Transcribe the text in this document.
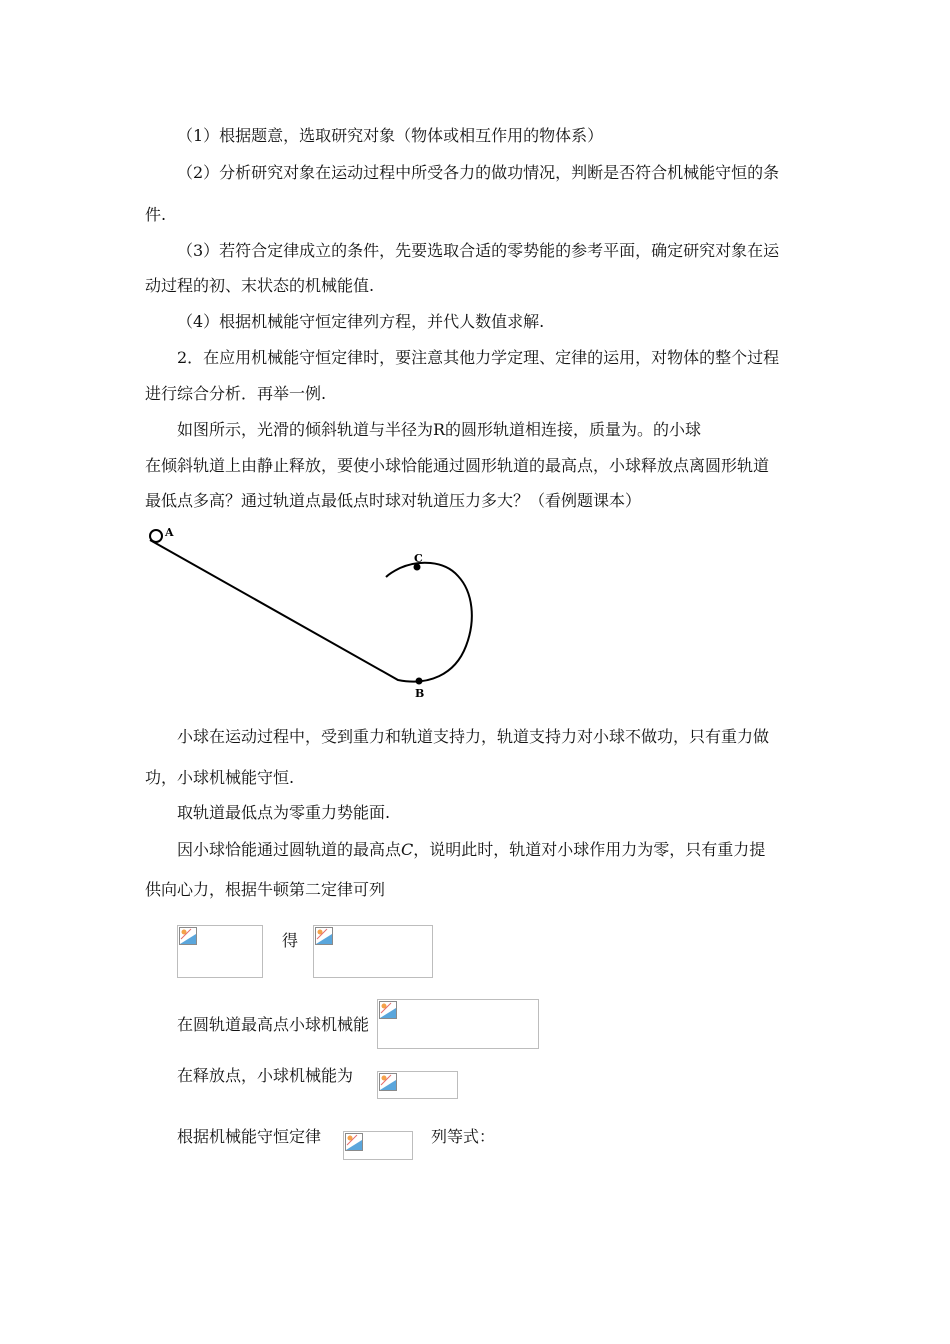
（1）根据题意，选取研究对象（物体或相互作用的物体系）
（2）分析研究对象在运动过程中所受各力的做功情况，判断是否符合机械能守恒的条
件.
（3）若符合定律成立的条件，先要选取合适的零势能的参考平面，确定研究对象在运
动过程的初、末状态的机械能值.
（4）根据机械能守恒定律列方程，并代人数值求解.
2．在应用机械能守恒定律时，要注意其他力学定理、定律的运用，对物体的整个过程
进行综合分析．再举一例.
如图所示，光滑的倾斜轨道与半径为R的圆形轨道相连接，质量为。的小球
在倾斜轨道上由静止释放，要使小球恰能通过圆形轨道的最高点，小球释放点离圆形轨道
最低点多高？通过轨道点最低点时球对轨道压力多大？（看例题课本）
A
B
C
小球在运动过程中，受到重力和轨道支持力，轨道支持力对小球不做功，只有重力做
功，小球机械能守恒.
取轨道最低点为零重力势能面.
因小球恰能通过圆轨道的最高点C，说明此时，轨道对小球作用力为零，只有重力提
供向心力，根据牛顿第二定律可列
得
在圆轨道最高点小球机械能
在释放点，小球机械能为
根据机械能守恒定律	列等式：
